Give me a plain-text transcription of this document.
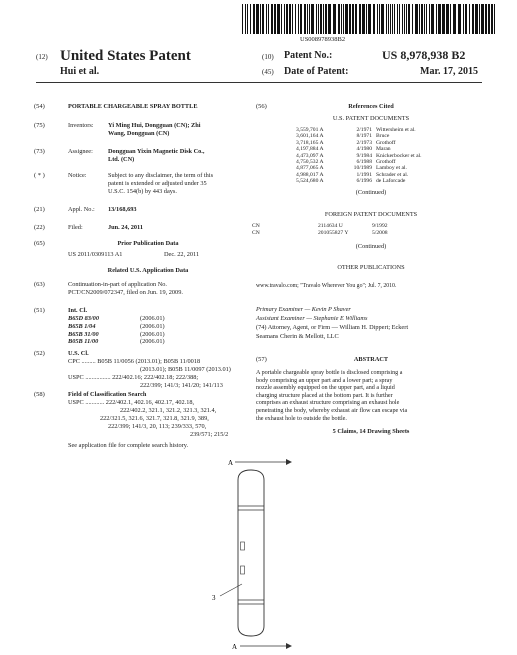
US008978938B2
(12) United States Patent
Hui et al.
(10) Patent No.:	US 8,978,938 B2
(45) Date of Patent:	Mar. 17, 2015
(54)	PORTABLE CHARGEABLE SPRAY BOTTLE
(75)	Inventors: Yi Ming Hui, Dongguan (CN); Zhi
Wang, Dongguan (CN)
(73)	Assignee: Dongguan Yixin Magnetic Disk Co.,
Ltd. (CN)
( * )	Notice:	Subject to any disclaimer, the term of this
patent is extended or adjusted under 35
U.S.C. 154(b) by 443 days.
(21)	Appl. No.: 13/168,693
(22)	Filed:	Jun. 24, 2011
(65)	Prior Publication Data
US 2011/0309113 A1	Dec. 22, 2011
Related U.S. Application Data
(63)	Continuation-in-part of application No.
PCT/CN2009/072347, filed on Jun. 19, 2009.
(51)	Int. Cl.
B65D 83/00	(2006.01)
B65B 1/04	(2006.01)
B65B 31/00	(2006.01)
B05B 11/00	(2006.01)
(52)	U.S. Cl.
CPC ......... B05B 11/0056 (2013.01); B05B 11/0018
(2013.01); B05B 11/0097 (2013.01)
USPC ................ 222/402.16; 222/402.18; 222/388;
222/399; 141/3; 141/20; 141/113
(58)	Field of Classification Search
USPC ............ 222/402.1, 402.16, 402.17, 402.18,
222/402.2, 321.1, 321.2, 321.3, 321.4,
222/321.5, 321.6, 321.7, 321.8, 321.9, 389,
222/399; 141/3, 20, 113; 239/333, 570,
239/571; 215/2
See application file for complete search history.
(56)	References Cited
U.S. PATENT DOCUMENTS
3,559,701 A	2/1971 Wittersheim et al.
3,601,164 A	8/1971 Bruce
3,718,165 A	2/1973 Grothoff
4,197,884 A	4/1980 Maran
4,473,097 A	9/1984 Knickerbocker et al.
4,750,532 A	6/1988 Grothoff
4,877,065 A	10/1989 Lamboy et al.
4,988,017 A	1/1991 Schrader et al.
5,524,680 A	6/1996 de Laforcade
(Continued)
FOREIGN PATENT DOCUMENTS
CN	2114634 U	9/1992
CN	201055827 Y	5/2008
(Continued)
OTHER PUBLICATIONS
www.travalo.com; "Travalo Wherever You go"; Jul. 7, 2010.
Primary Examiner — Kevin P Shaver
Assistant Examiner — Stephanie E Williams
(74) Attorney, Agent, or Firm — William H. Dippert; Eckert
Seamans Cherin & Mellott, LLC
(57)	ABSTRACT
A portable chargeable spray bottle is disclosed comprising a
body comprising an upper part and a lower part; a spray
nozzle assembly equipped on the upper part, and a liquid
charging structure placed at the bottom part. It is further
comprises an exhaust structure comprising an exhaust hole
penetrating the body, whereby exhaust air flow can escape via
the exhaust hole to outside the bottle.
5 Claims, 14 Drawing Sheets
A
A
3
